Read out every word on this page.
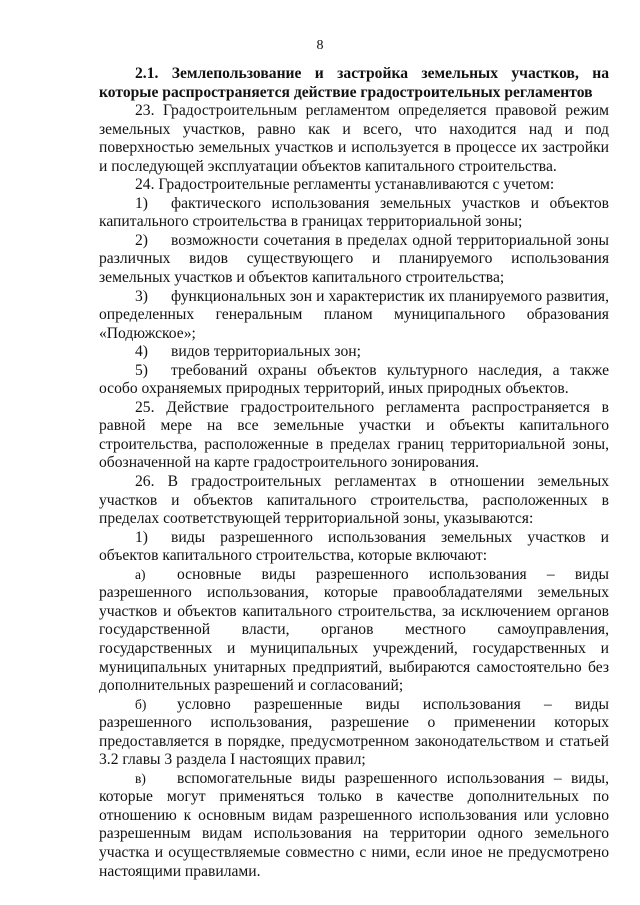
8

2.1. Землепользование и застройка земельных участков, на которые распространяется действие градостроительных регламентов

23. Градостроительным регламентом определяется правовой режим земельных участков, равно как и всего, что находится над и под поверхностью земельных участков и используется в процессе их застройки и последующей эксплуатации объектов капитального строительства.

24. Градостроительные регламенты устанавливаются с учетом:

1) фактического использования земельных участков и объектов капитального строительства в границах территориальной зоны;

2) возможности сочетания в пределах одной территориальной зоны различных видов существующего и планируемого использования земельных участков и объектов капитального строительства;

3) функциональных зон и характеристик их планируемого развития, определенных генеральным планом муниципального образования «Подюжское»;

4) видов территориальных зон;

5) требований охраны объектов культурного наследия, а также особо охраняемых природных территорий, иных природных объектов.

25. Действие градостроительного регламента распространяется в равной мере на все земельные участки и объекты капитального строительства, расположенные в пределах границ территориальной зоны, обозначенной на карте градостроительного зонирования.

26. В градостроительных регламентах в отношении земельных участков и объектов капитального строительства, расположенных в пределах соответствующей территориальной зоны, указываются:

1) виды разрешенного использования земельных участков и объектов капитального строительства, которые включают:

а) основные виды разрешенного использования – виды разрешенного использования, которые правообладателями земельных участков и объектов капитального строительства, за исключением органов государственной власти, органов местного самоуправления, государственных и муниципальных учреждений, государственных и муниципальных унитарных предприятий, выбираются самостоятельно без дополнительных разрешений и согласований;

б) условно разрешенные виды использования – виды разрешенного использования, разрешение о применении которых предоставляется в порядке, предусмотренном законодательством и статьей 3.2 главы 3 раздела I настоящих правил;

в) вспомогательные виды разрешенного использования – виды, которые могут применяться только в качестве дополнительных по отношению к основным видам разрешенного использования или условно разрешенным видам использования на территории одного земельного участка и осуществляемые совместно с ними, если иное не предусмотрено настоящими правилами.
